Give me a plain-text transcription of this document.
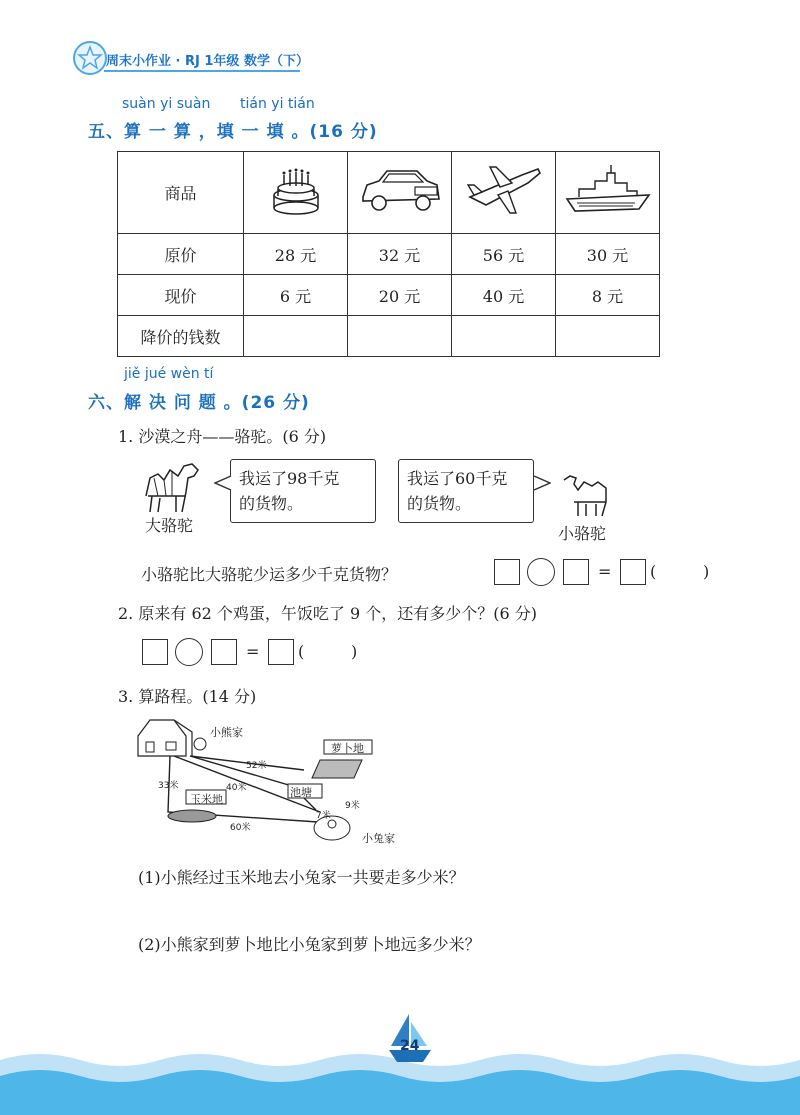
周末小作业 · RJ 1年级 数学（下）
suàn yi suàn tián yi tián
五、算 一 算 ，填 一 填 。(16 分)
商品				
原价	28 元	32 元	56 元	30 元
现价	6 元	20 元	40 元	8 元
降价的钱数				
jiě jué wèn tí
六、解 决 问 题 。(26 分)
1. 沙漠之舟——骆驼。(6 分)
大骆驼
我运了98千克
的货物。
我运了60千克
的货物。
小骆驼
小骆驼比大骆驼少运多少千克货物？	= (	)
2. 原来有 62 个鸡蛋，午饭吃了 9 个，还有多少个？(6 分)
= (	)
3. 算路程。(14 分)
小熊家
萝卜地
池塘
玉米地
小兔家
52米
40米
33米
60米
9米
7米
(1)小熊经过玉米地去小兔家一共要走多少米？
(2)小熊家到萝卜地比小兔家到萝卜地远多少米？
24
